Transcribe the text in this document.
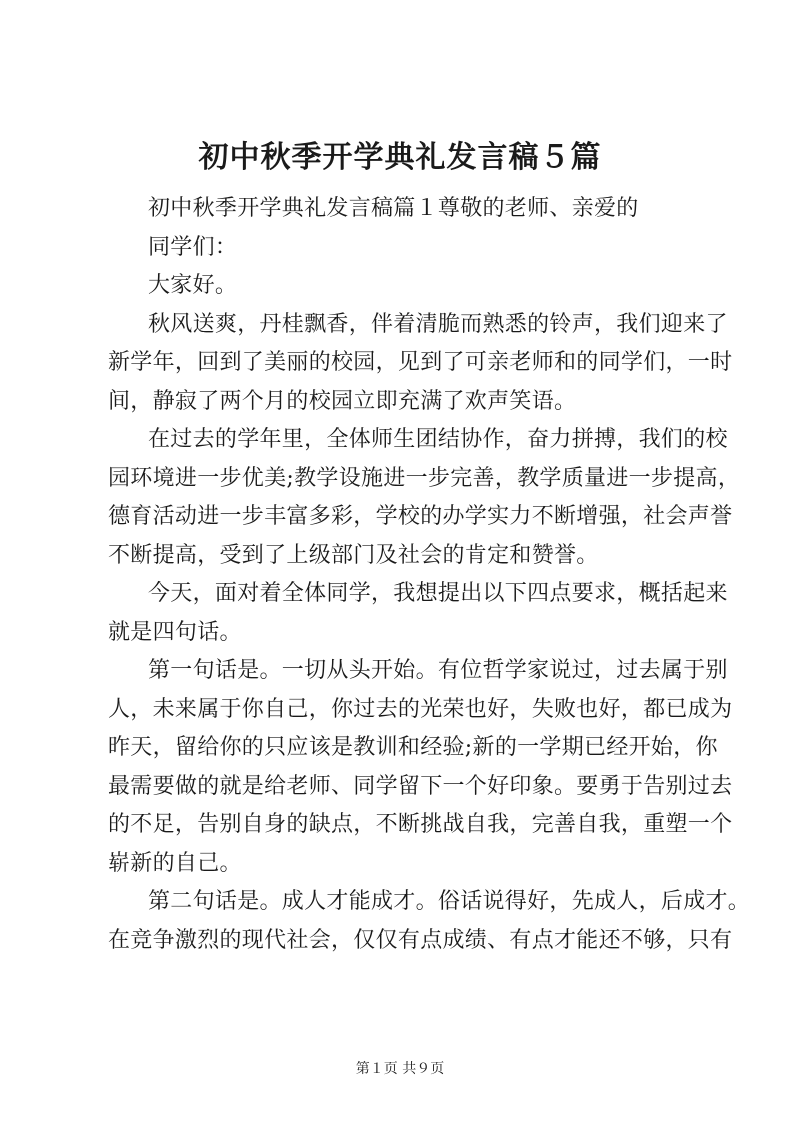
初中秋季开学典礼发言稿５篇

初中秋季开学典礼发言稿篇１尊敬的老师、亲爱的

同学们：

大家好。

秋风送爽，丹桂飘香，伴着清脆而熟悉的铃声，我们迎来了

新学年，回到了美丽的校园，见到了可亲老师和的同学们，一时

间，静寂了两个月的校园立即充满了欢声笑语。

在过去的学年里，全体师生团结协作，奋力拼搏，我们的校

园环境进一步优美;教学设施进一步完善，教学质量进一步提高，

德育活动进一步丰富多彩，学校的办学实力不断增强，社会声誉

不断提高，受到了上级部门及社会的肯定和赞誉。

今天，面对着全体同学，我想提出以下四点要求，概括起来

就是四句话。

第一句话是。一切从头开始。有位哲学家说过，过去属于别

人，未来属于你自己，你过去的光荣也好，失败也好，都已成为

昨天，留给你的只应该是教训和经验;新的一学期已经开始，你

最需要做的就是给老师、同学留下一个好印象。要勇于告别过去

的不足，告别自身的缺点，不断挑战自我，完善自我，重塑一个

崭新的自己。

第二句话是。成人才能成才。俗话说得好，先成人，后成才。

在竞争激烈的现代社会，仅仅有点成绩、有点才能还不够，只有

第１页 共９页
